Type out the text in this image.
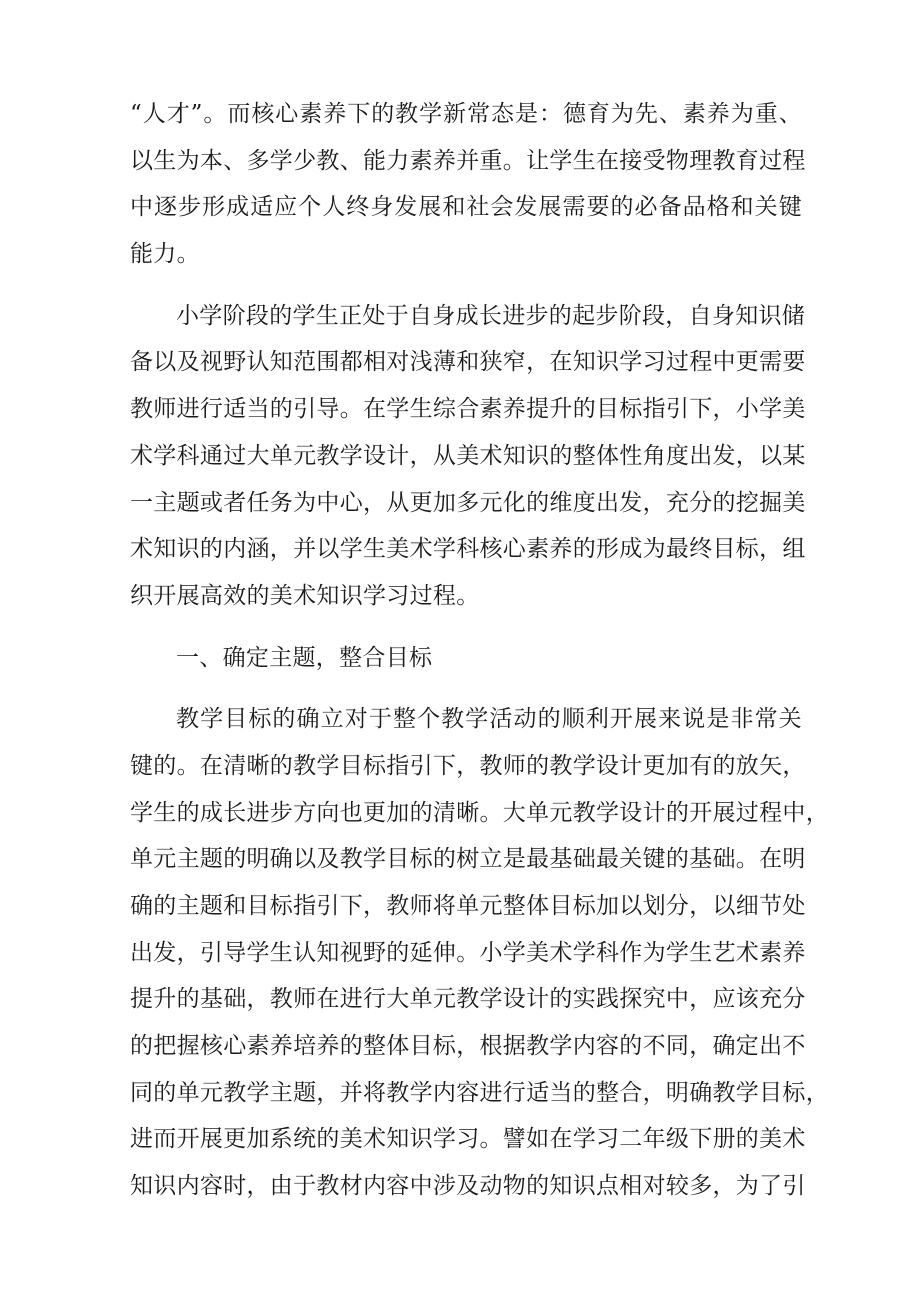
“人才”。而核心素养下的教学新常态是：德育为先、素养为重、
以生为本、多学少教、能力素养并重。让学生在接受物理教育过程
中逐步形成适应个人终身发展和社会发展需要的必备品格和关键
能力。
小学阶段的学生正处于自身成长进步的起步阶段，自身知识储
备以及视野认知范围都相对浅薄和狭窄，在知识学习过程中更需要
教师进行适当的引导。在学生综合素养提升的目标指引下，小学美
术学科通过大单元教学设计，从美术知识的整体性角度出发，以某
一主题或者任务为中心，从更加多元化的维度出发，充分的挖掘美
术知识的内涵，并以学生美术学科核心素养的形成为最终目标，组
织开展高效的美术知识学习过程。
一、确定主题，整合目标
教学目标的确立对于整个教学活动的顺利开展来说是非常关
键的。在清晰的教学目标指引下，教师的教学设计更加有的放矢，
学生的成长进步方向也更加的清晰。大单元教学设计的开展过程中，
单元主题的明确以及教学目标的树立是最基础最关键的基础。在明
确的主题和目标指引下，教师将单元整体目标加以划分，以细节处
出发，引导学生认知视野的延伸。小学美术学科作为学生艺术素养
提升的基础，教师在进行大单元教学设计的实践探究中，应该充分
的把握核心素养培养的整体目标，根据教学内容的不同，确定出不
同的单元教学主题，并将教学内容进行适当的整合，明确教学目标，
进而开展更加系统的美术知识学习。譬如在学习二年级下册的美术
知识内容时，由于教材内容中涉及动物的知识点相对较多，为了引
